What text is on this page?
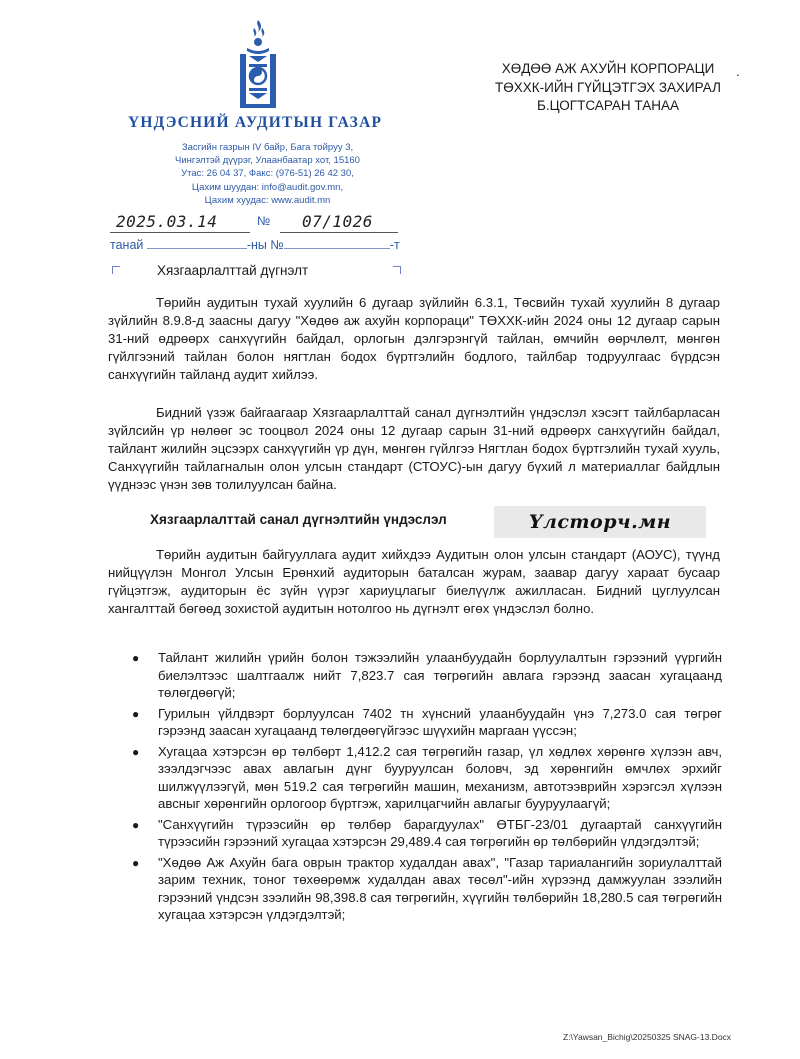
ҮНДЭСНИЙ АУДИТЫН ГАЗАР
Засгийн газрын IV байр, Бага тойруу 3,
Чингэлтэй дүүрэг, Улаанбаатар хот, 15160
Утас: 26 04 37, Факс: (976-51) 26 42 30,
Цахим шуудан: info@audit.gov.mn,
Цахим хуудас: www.audit.mn
ХӨДӨӨ АЖ АХУЙН КОРПОРАЦИ
ТӨХХК-ИЙН ГҮЙЦЭТГЭХ ЗАХИРАЛ
Б.ЦОГТСАРАН ТАНАА
.
2025.03.14	№ 07/1026
танай	-ны №	-т
Хязгаарлалттай дүгнэлт
Төрийн аудитын тухай хуулийн 6 дугаар зүйлийн 6.3.1, Төсвийн тухай хуулийн 8 дугаар зүйлийн 8.9.8-д заасны дагуу "Хөдөө аж ахуйн корпораци" ТӨХХК-ийн 2024 оны 12 дугаар сарын 31-ний өдрөөрх санхүүгийн байдал, орлогын дэлгэрэнгүй тайлан, өмчийн өөрчлөлт, мөнгөн гүйлгээний тайлан болон нягтлан бодох бүртгэлийн бодлого, тайлбар тодруулгаас бүрдсэн санхүүгийн тайланд аудит хийлээ.
Бидний үзэж байгаагаар Хязгаарлалттай санал дүгнэлтийн үндэслэл хэсэгт тайлбарласан зүйлсийн үр нөлөөг эс тооцвол 2024 оны 12 дугаар сарын 31-ний өдрөөрх санхүүгийн байдал, тайлант жилийн эцсээрх санхүүгийн үр дүн, мөнгөн гүйлгээ Нягтлан бодох бүртгэлийн тухай хууль, Санхүүгийн тайлагналын олон улсын стандарт (СТОУС)-ын дагуу бүхий л материаллаг байдлын үүднээс үнэн зөв толилуулсан байна.
Хязгаарлалттай санал дүгнэлтийн үндэслэл	Үлсторч.мн
Төрийн аудитын байгууллага аудит хийхдээ Аудитын олон улсын стандарт (АОУС), түүнд нийцүүлэн Монгол Улсын Ерөнхий аудиторын баталсан журам, заавар дагуу хараат бусаар гүйцэтгэж, аудиторын ёс зүйн үүрэг хариуцлагыг биелүүлж ажилласан. Бидний цуглуулсан хангалттай бөгөөд зохистой аудитын нотолгоо нь дүгнэлт өгөх үндэслэл болно.
● Тайлант жилийн үрийн болон тэжээлийн улаанбуудайн борлуулалтын гэрээний үүргийн биелэлтээс шалтгаалж нийт 7,823.7 сая төгрөгийн авлага гэрээнд заасан хугацаанд төлөгдөөгүй;
● Гурилын үйлдвэрт борлуулсан 7402 тн хүнсний улаанбуудайн үнэ 7,273.0 сая төгрөг гэрээнд заасан хугацаанд төлөгдөөгүйгээс шүүхийн маргаан үүссэн;
● Хугацаа хэтэрсэн өр төлбөрт 1,412.2 сая төгрөгийн газар, үл хөдлөх хөрөнгө хүлээн авч, зээлдэгчээс авах авлагын дүнг бууруулсан боловч, эд хөрөнгийн өмчлөх эрхийг шилжүүлээгүй, мөн 519.2 сая төгрөгийн машин, механизм, автотээврийн хэрэгсэл хүлээн авсныг хөрөнгийн орлогоор бүртгэж, харилцагчийн авлагыг бууруулаагүй;
● "Санхүүгийн түрээсийн өр төлбөр барагдуулах" ӨТБГ-23/01 дугаартай санхүүгийн түрээсийн гэрээний хугацаа хэтэрсэн 29,489.4 сая төгрөгийн өр төлбөрийн үлдэгдэлтэй;
● "Хөдөө Аж Ахуйн бага оврын трактор худалдан авах", "Газар тариалангийн зориулалттай зарим техник, тоног төхөөрөмж худалдан авах төсөл"-ийн хүрээнд дамжуулан зээлийн гэрээний үндсэн зээлийн 98,398.8 сая төгрөгийн, хүүгийн төлбөрийн 18,280.5 сая төгрөгийн хугацаа хэтэрсэн үлдэгдэлтэй;
Z:\Yawsan_Bichig\20250325 SNAG-13.Docx
